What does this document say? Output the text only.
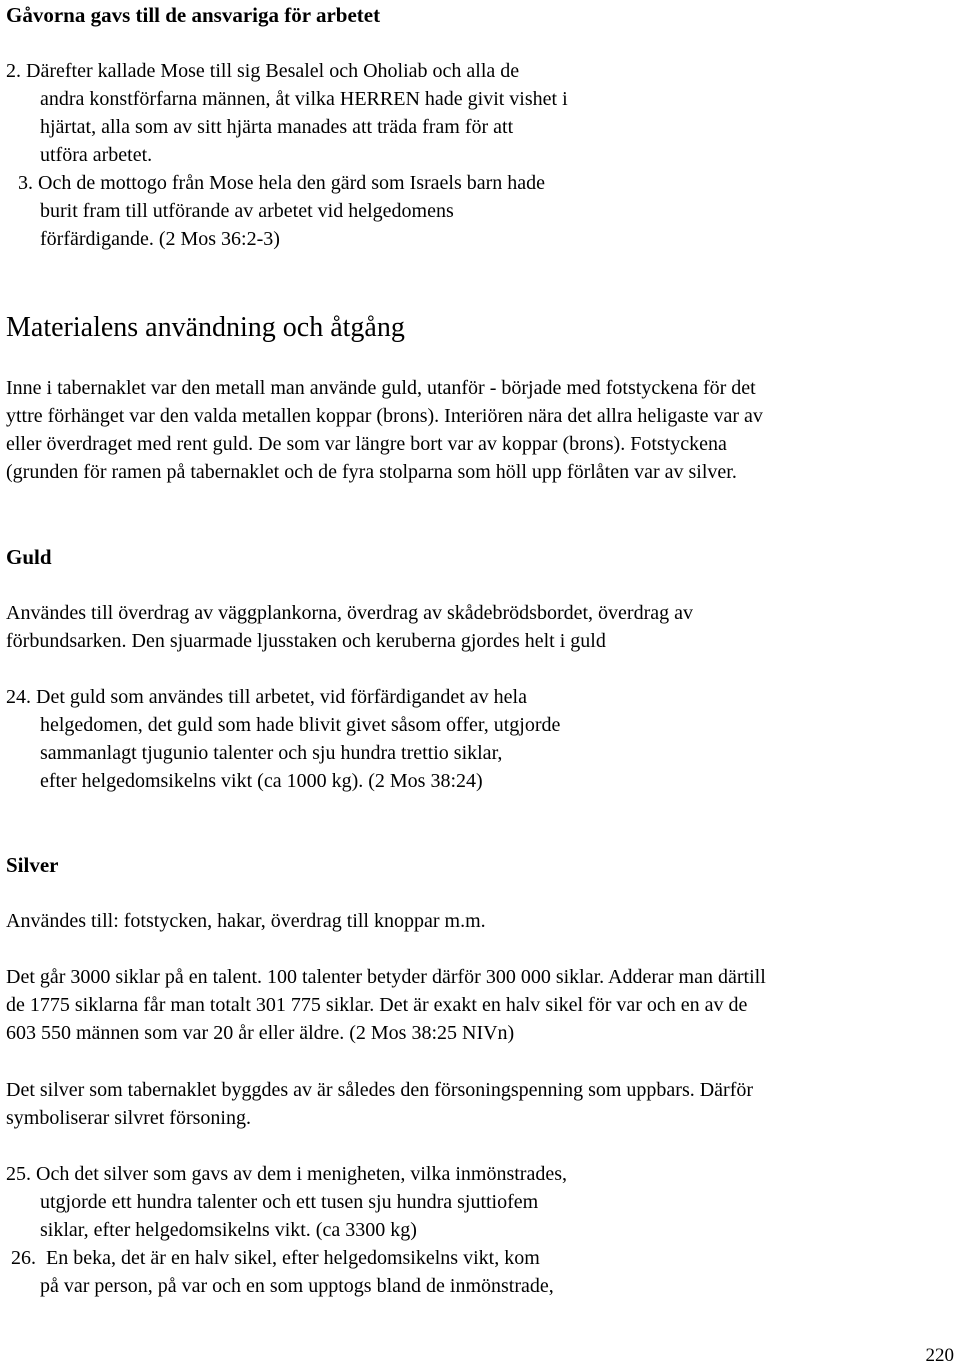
Gåvorna gavs till de ansvariga för arbetet
2. Därefter kallade Mose till sig Besalel och Oholiab och alla de
andra konstförfarna männen, åt vilka HERREN hade givit vishet i
hjärtat, alla som av sitt hjärta manades att träda fram för att
utföra arbetet.
3. Och de mottogo från Mose hela den gärd som Israels barn hade
burit fram till utförande av arbetet vid helgedomens
förfärdigande. (2 Mos 36:2-3)
Materialens användning och åtgång
Inne i tabernaklet var den metall man använde guld, utanför - började med fotstyckena för det
yttre förhänget var den valda metallen koppar (brons). Interiören nära det allra heligaste var av
eller överdraget med rent guld. De som var längre bort var av koppar (brons). Fotstyckena
(grunden för ramen på tabernaklet och de fyra stolparna som höll upp förlåten var av silver.
Guld
Användes till överdrag av väggplankorna, överdrag av skådebrödsbordet, överdrag av
förbundsarken. Den sjuarmade ljusstaken och keruberna gjordes helt i guld
24. Det guld som användes till arbetet, vid förfärdigandet av hela
helgedomen, det guld som hade blivit givet såsom offer, utgjorde
sammanlagt tjugunio talenter och sju hundra trettio siklar,
efter helgedomsikelns vikt (ca 1000 kg). (2 Mos 38:24)
Silver
Användes till: fotstycken, hakar, överdrag till knoppar m.m.
Det går 3000 siklar på en talent. 100 talenter betyder därför 300 000 siklar. Adderar man därtill
de 1775 siklarna får man totalt 301 775 siklar. Det är exakt en halv sikel för var och en av de
603 550 männen som var 20 år eller äldre. (2 Mos 38:25 NIVn)
Det silver som tabernaklet byggdes av är således den försoningspenning som uppbars. Därför
symboliserar silvret försoning.
25. Och det silver som gavs av dem i menigheten, vilka inmönstrades,
utgjorde ett hundra talenter och ett tusen sju hundra sjuttiofem
siklar, efter helgedomsikelns vikt. (ca 3300 kg)
26.  En beka, det är en halv sikel, efter helgedomsikelns vikt, kom
på var person, på var och en som upptogs bland de inmönstrade,
220
